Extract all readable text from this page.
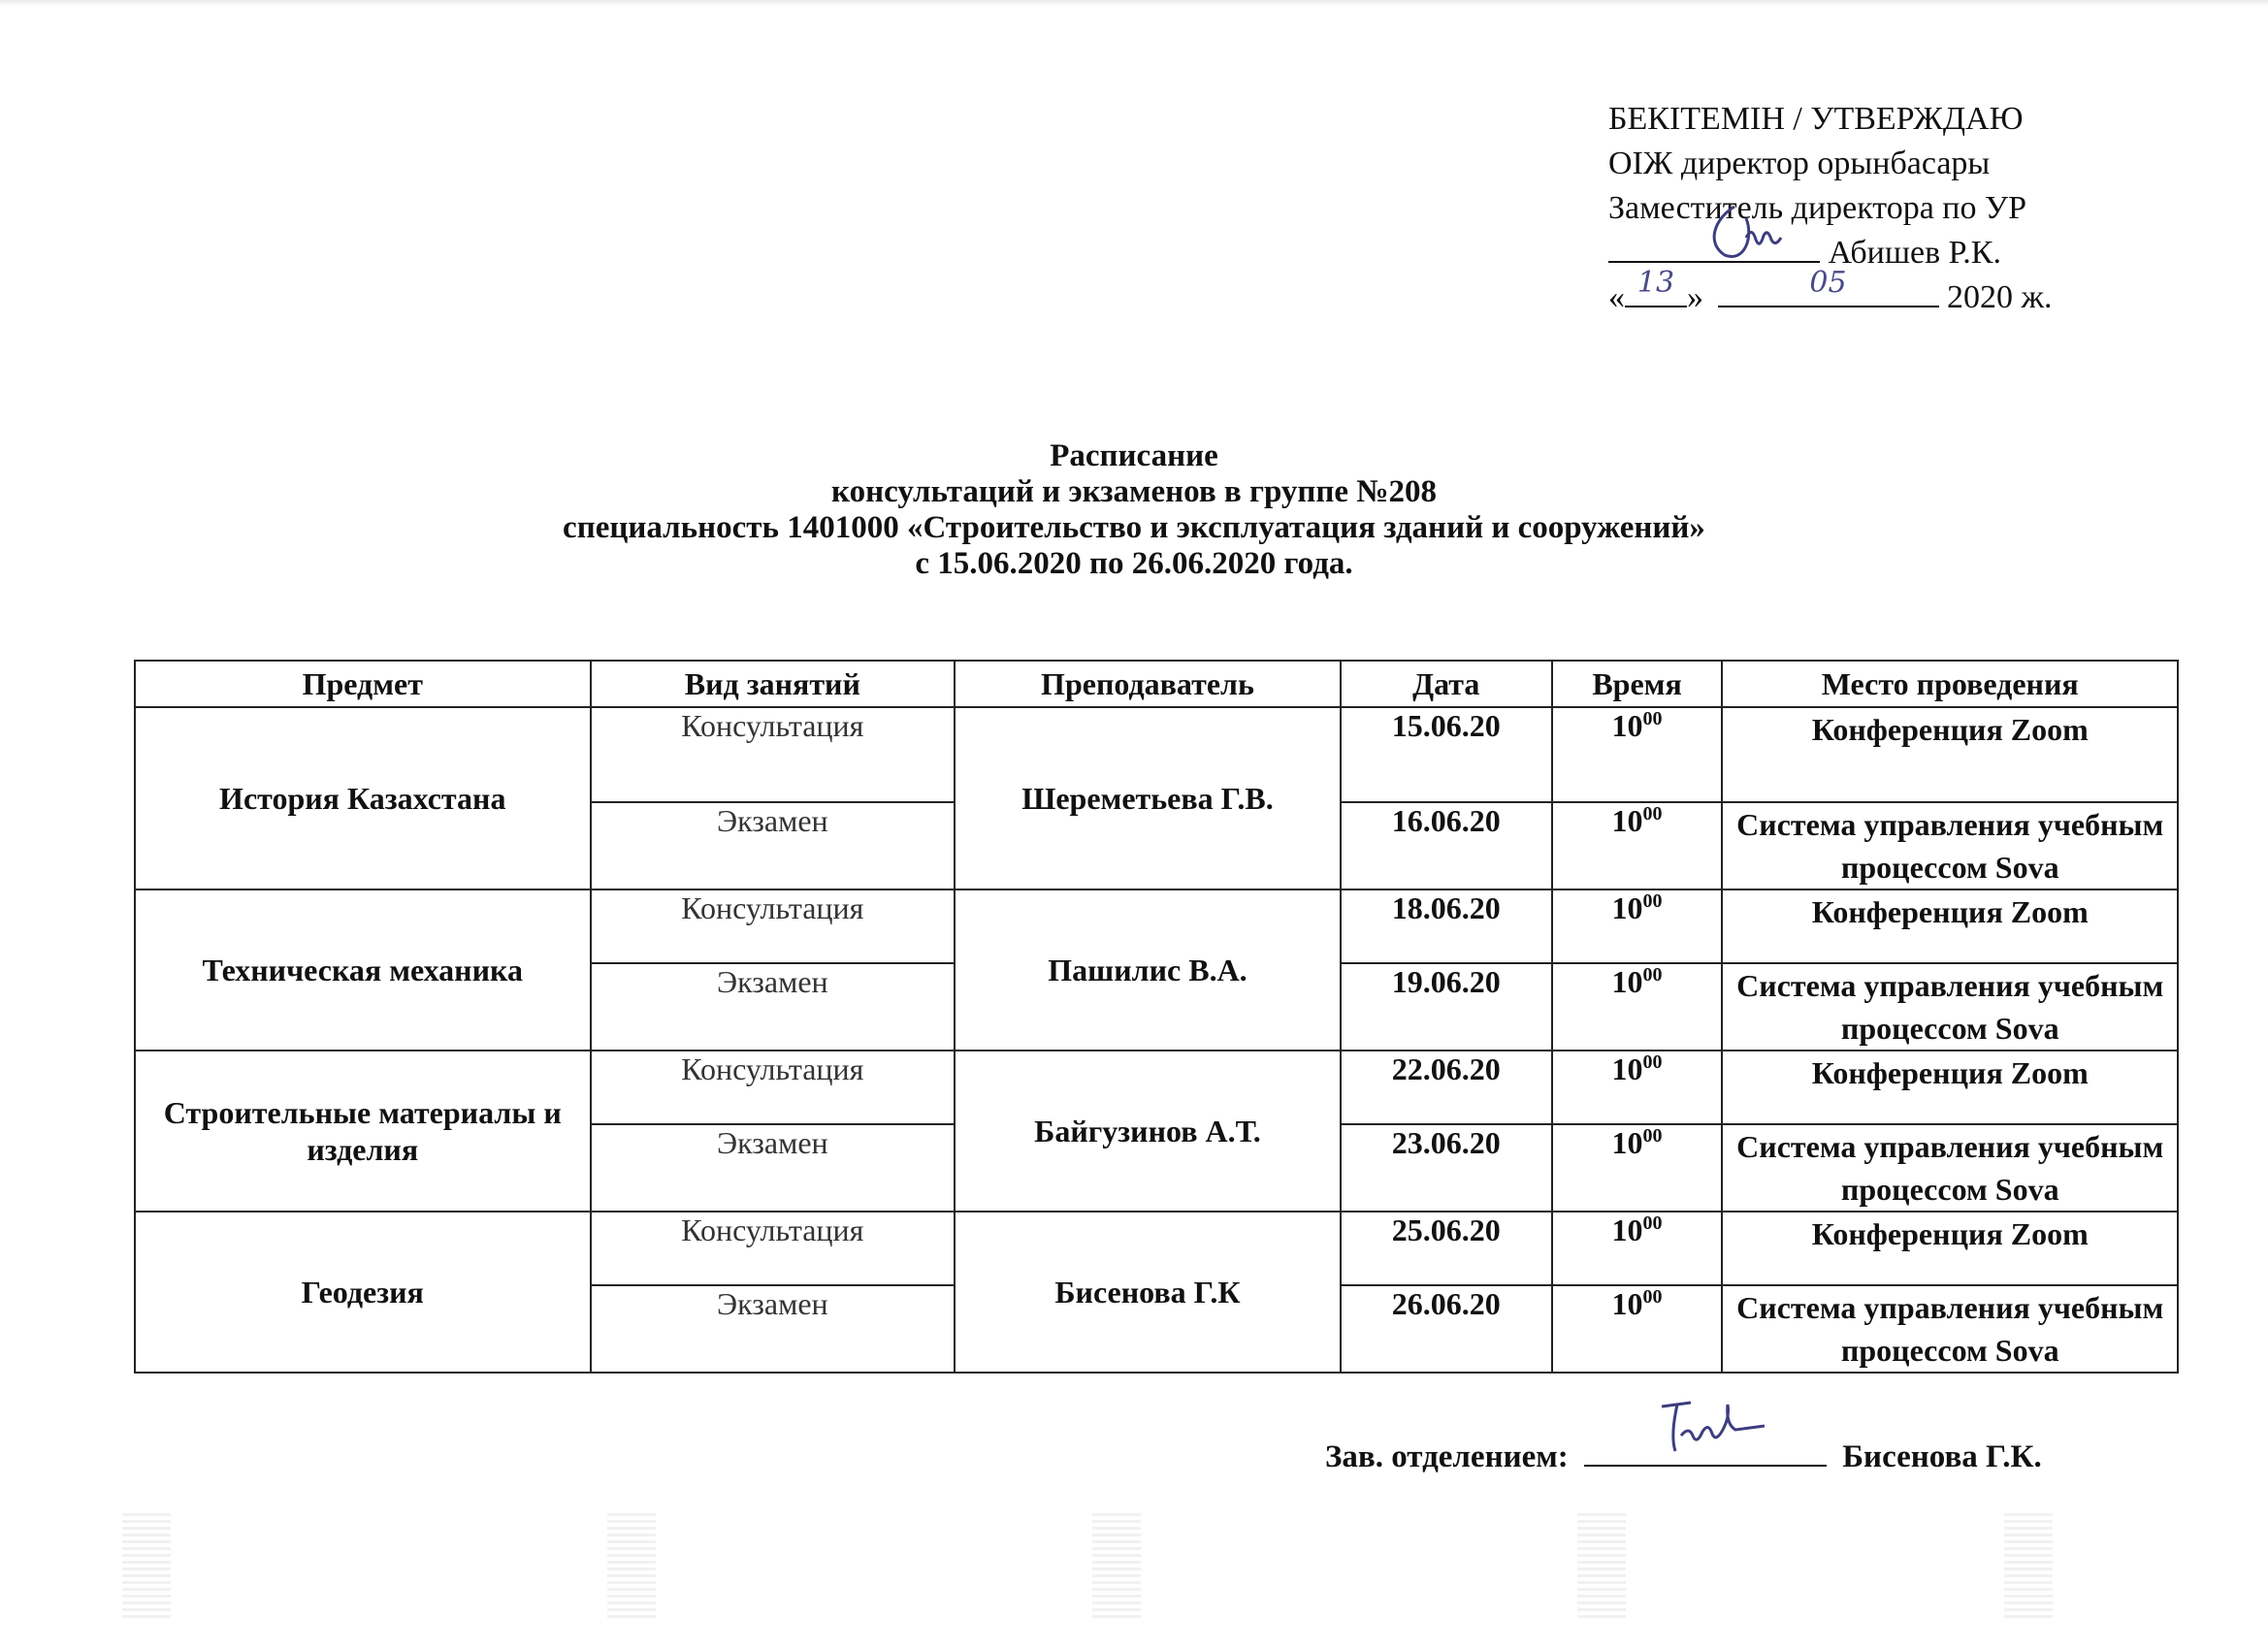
БЕКІТЕМІН / УТВЕРЖДАЮ
ОІЖ директор орынбасары
Заместитель директора по УР
Абишев Р.К.
« 13 »	05	2020 ж.
Расписание
консультаций и экзаменов в группе №208
специальность 1401000 «Строительство и эксплуатация зданий и сооружений»
с 15.06.2020 по 26.06.2020 года.
Предмет	Вид занятий	Преподаватель	Дата	Время	Место проведения
История Казахстана	Консультация	Шереметьева Г.В.	15.06.20	$10^{00}$	Конференция Zoom
	Экзамен		16.06.20	$10^{00}$	Система управления учебным процессом Sova
Техническая механика	Консультация	Пашилис В.А.	18.06.20	$10^{00}$	Конференция Zoom
	Экзамен		19.06.20	$10^{00}$	Система управления учебным процессом Sova
Строительные материалы и изделия	Консультация	Байгузинов А.Т.	22.06.20	$10^{00}$	Конференция Zoom
	Экзамен		23.06.20	$10^{00}$	Система управления учебным процессом Sova
Геодезия	Консультация	Бисенова Г.К	25.06.20	$10^{00}$	Конференция Zoom
	Экзамен		26.06.20	$10^{00}$	Система управления учебным процессом Sova
Зав. отделением:	Бисенова Г.К.
